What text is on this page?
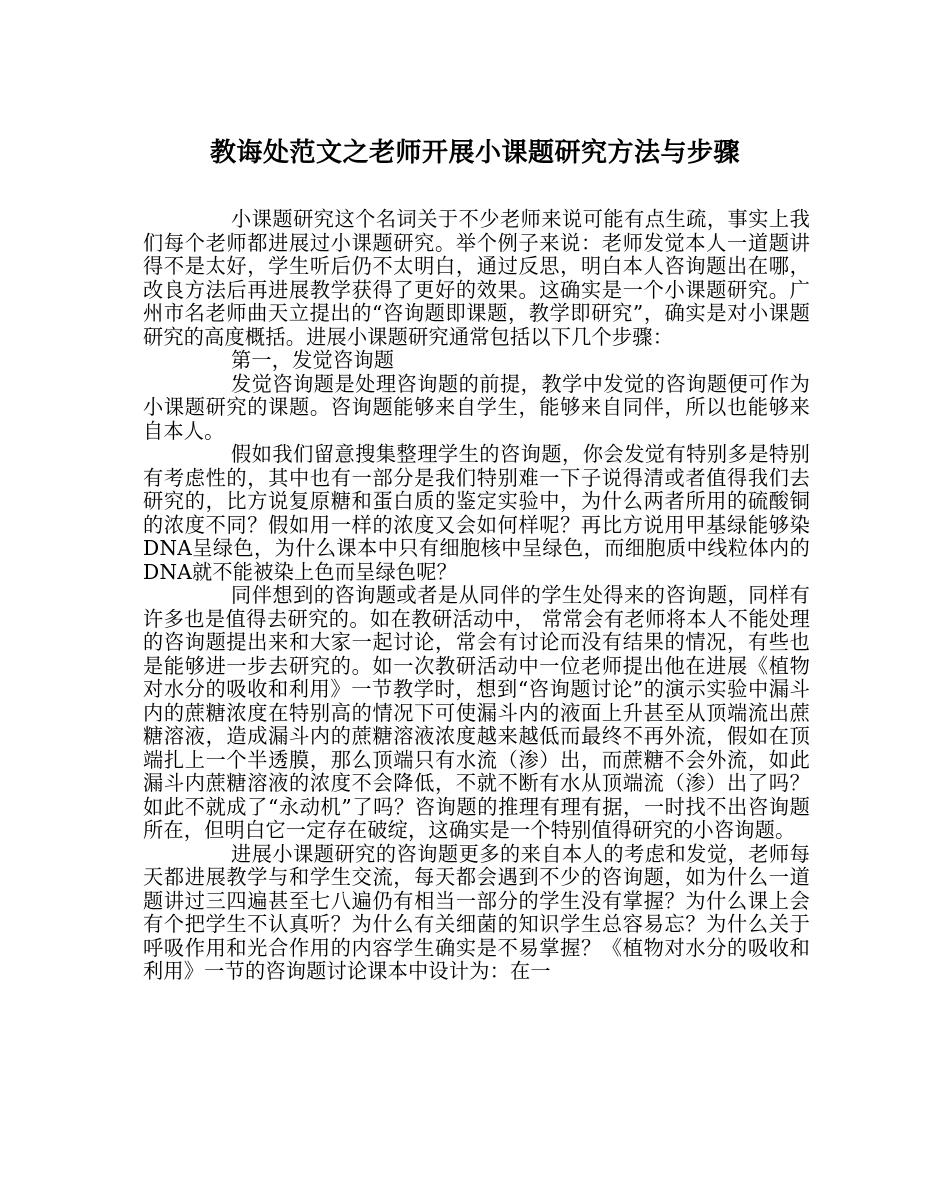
教诲处范文之老师开展小课题研究方法与步骤

小课题研究这个名词关于不少老师来说可能有点生疏，事实上我们每个老师都进展过小课题研究。举个例子来说：老师发觉本人一道题讲得不是太好，学生听后仍不太明白，通过反思，明白本人咨询题出在哪，改良方法后再进展教学获得了更好的效果。这确实是一个小课题研究。广州市名老师曲天立提出的“咨询题即课题，教学即研究”，确实是对小课题研究的高度概括。进展小课题研究通常包括以下几个步骤：

第一，发觉咨询题

发觉咨询题是处理咨询题的前提，教学中发觉的咨询题便可作为小课题研究的课题。咨询题能够来自学生，能够来自同伴，所以也能够来自本人。

假如我们留意搜集整理学生的咨询题，你会发觉有特别多是特别有考虑性的，其中也有一部分是我们特别难一下子说得清或者值得我们去研究的，比方说复原糖和蛋白质的鉴定实验中，为什么两者所用的硫酸铜的浓度不同？假如用一样的浓度又会如何样呢？再比方说用甲基绿能够染DNA呈绿色，为什么课本中只有细胞核中呈绿色，而细胞质中线粒体内的DNA就不能被染上色而呈绿色呢？

同伴想到的咨询题或者是从同伴的学生处得来的咨询题，同样有许多也是值得去研究的。如在教研活动中， 常常会有老师将本人不能处理的咨询题提出来和大家一起讨论，常会有讨论而没有结果的情况，有些也是能够进一步去研究的。如一次教研活动中一位老师提出他在进展《植物对水分的吸收和利用》一节教学时，想到“咨询题讨论”的演示实验中漏斗内的蔗糖浓度在特别高的情况下可使漏斗内的液面上升甚至从顶端流出蔗糖溶液，造成漏斗内的蔗糖溶液浓度越来越低而最终不再外流，假如在顶端扎上一个半透膜，那么顶端只有水流（渗）出，而蔗糖不会外流，如此漏斗内蔗糖溶液的浓度不会降低，不就不断有水从顶端流（渗）出了吗？如此不就成了“永动机”了吗？咨询题的推理有理有据，一时找不出咨询题所在，但明白它一定存在破绽，这确实是一个特别值得研究的小咨询题。

进展小课题研究的咨询题更多的来自本人的考虑和发觉，老师每天都进展教学与和学生交流，每天都会遇到不少的咨询题，如为什么一道题讲过三四遍甚至七八遍仍有相当一部分的学生没有掌握？为什么课上会有个把学生不认真听？为什么有关细菌的知识学生总容易忘？为什么关于呼吸作用和光合作用的内容学生确实是不易掌握？《植物对水分的吸收和利用》一节的咨询题讨论课本中设计为：在一
